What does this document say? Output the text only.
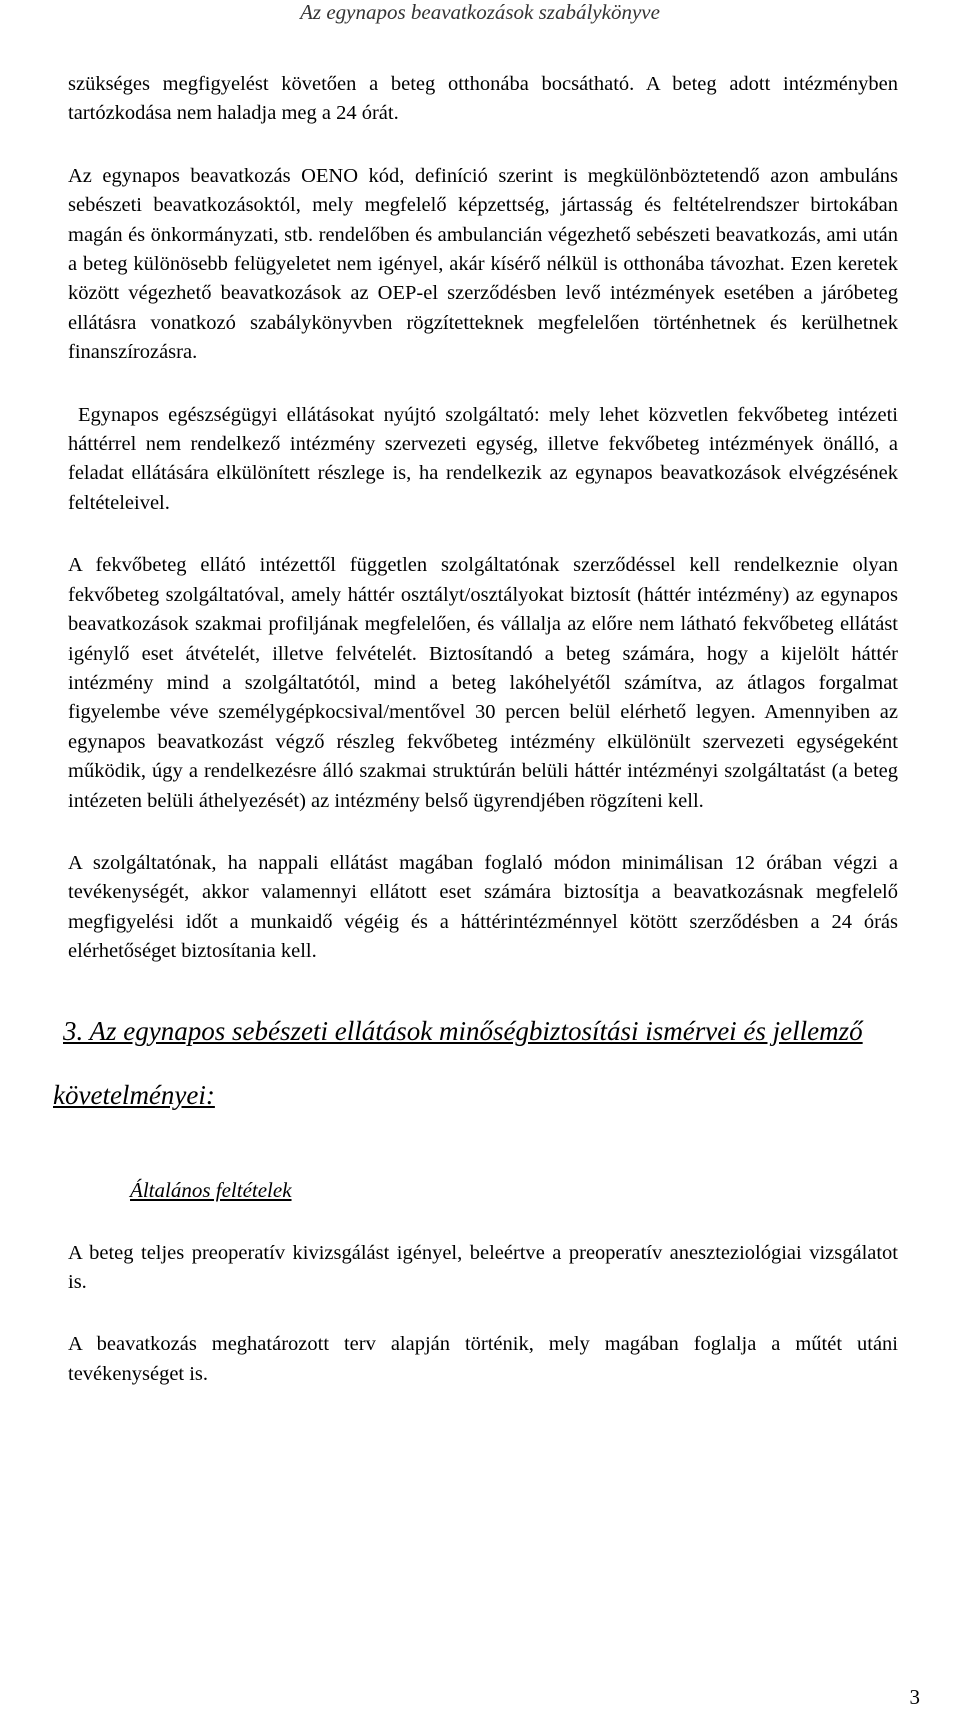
Az egynapos beavatkozások szabálykönyve

szükséges megfigyelést követően a beteg otthonába bocsátható. A beteg adott intézményben tartózkodása nem haladja meg a 24 órát.

Az egynapos beavatkozás OENO kód, definíció szerint is megkülönböztetendő azon ambuláns sebészeti beavatkozásoktól, mely megfelelő képzettség, jártasság és feltételrendszer birtokában magán és önkormányzati, stb. rendelőben és ambulancián végezhető sebészeti beavatkozás, ami után a beteg különösebb felügyeletet nem igényel, akár kísérő nélkül is otthonába távozhat. Ezen keretek között végezhető beavatkozások az OEP-el szerződésben levő intézmények esetében a járóbeteg ellátásra vonatkozó szabálykönyvben rögzítetteknek megfelelően történhetnek és kerülhetnek finanszírozásra.

Egynapos egészségügyi ellátásokat nyújtó szolgáltató: mely lehet közvetlen fekvőbeteg intézeti háttérrel nem rendelkező intézmény szervezeti egység, illetve fekvőbeteg intézmények önálló, a feladat ellátására elkülönített részlege is, ha rendelkezik az egynapos beavatkozások elvégzésének feltételeivel.

A fekvőbeteg ellátó intézettől független szolgáltatónak szerződéssel kell rendelkeznie olyan fekvőbeteg szolgáltatóval, amely háttér osztályt/osztályokat biztosít (háttér intézmény) az egynapos beavatkozások szakmai profiljának megfelelően, és vállalja az előre nem látható fekvőbeteg ellátást igénylő eset átvételét, illetve felvételét. Biztosítandó a beteg számára, hogy a kijelölt háttér intézmény mind a szolgáltatótól, mind a beteg lakóhelyétől számítva, az átlagos forgalmat figyelembe véve személygépkocsival/mentővel 30 percen belül elérhető legyen. Amennyiben az egynapos beavatkozást végző részleg fekvőbeteg intézmény elkülönült szervezeti egységeként működik, úgy a rendelkezésre álló szakmai struktúrán belüli háttér intézményi szolgáltatást (a beteg intézeten belüli áthelyezését) az intézmény belső ügyrendjében rögzíteni kell.

A szolgáltatónak, ha nappali ellátást magában foglaló módon minimálisan 12 órában végzi a tevékenységét, akkor valamennyi ellátott eset számára biztosítja a beavatkozásnak megfelelő megfigyelési időt a munkaidő végéig és a háttérintézménnyel kötött szerződésben a 24 órás elérhetőséget biztosítania kell.

3. Az egynapos sebészeti ellátások minőségbiztosítási ismérvei és jellemző
követelményei:
Általános feltételek

A beteg teljes preoperatív kivizsgálást igényel, beleértve a preoperatív aneszteziológiai vizsgálatot is.

A beavatkozás meghatározott terv alapján történik, mely magában foglalja a műtét utáni tevékenységet is.

3
